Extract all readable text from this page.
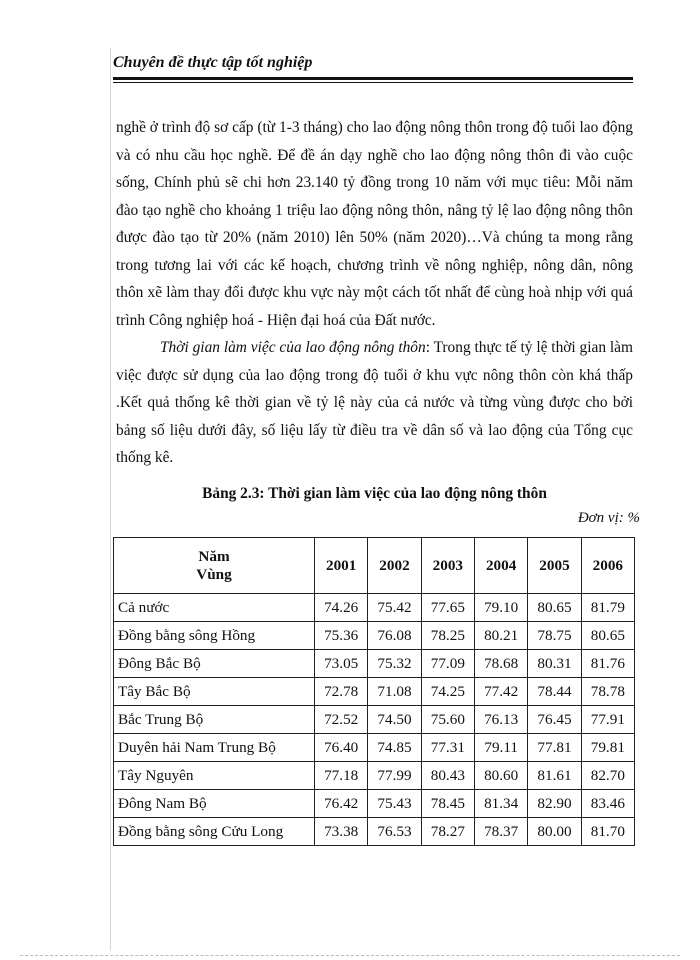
Chuyên đề thực tập tốt nghiệp

nghề ở trình độ sơ cấp (từ 1-3 tháng) cho lao động nông thôn trong độ tuổi lao động và có nhu cầu học nghề. Để đề án dạy nghề cho lao động nông thôn đi vào cuộc sống, Chính phủ sẽ chi hơn 23.140 tỷ đồng trong 10 năm với mục tiêu: Mỗi năm đào tạo nghề cho khoảng 1 triệu lao động nông thôn, nâng tỷ lệ lao động nông thôn được đào tạo từ 20% (năm 2010) lên 50% (năm 2020)…Và chúng ta mong rằng trong tương lai với các kế hoạch, chương trình về nông nghiệp, nông dân, nông thôn xẽ làm thay đổi được khu vực này một cách tốt nhất để cùng hoà nhịp với quá trình Công nghiệp hoá - Hiện đại hoá của Đất nước.

Thời gian làm việc của lao động nông thôn: Trong thực tế tỷ lệ thời gian làm việc được sử dụng của lao động trong độ tuổi ở khu vực nông thôn còn khá thấp .Kết quả thống kê thời gian về tỷ lệ này của cả nước và từng vùng được cho bởi bảng số liệu dưới đây, số liệu lấy từ điều tra về dân số và lao động của Tổng cục thống kê.

Bảng 2.3: Thời gian làm việc của lao động nông thôn
Đơn vị: %
Năm
Vùng	2001	2002	2003	2004	2005	2006
Cả nước	74.26	75.42	77.65	79.10	80.65	81.79
Đồng bằng sông Hồng	75.36	76.08	78.25	80.21	78.75	80.65
Đông Bắc Bộ	73.05	75.32	77.09	78.68	80.31	81.76
Tây Bắc Bộ	72.78	71.08	74.25	77.42	78.44	78.78
Bắc Trung Bộ	72.52	74.50	75.60	76.13	76.45	77.91
Duyên hải Nam Trung Bộ	76.40	74.85	77.31	79.11	77.81	79.81
Tây Nguyên	77.18	77.99	80.43	80.60	81.61	82.70
Đông Nam Bộ	76.42	75.43	78.45	81.34	82.90	83.46
Đồng bằng sông Cửu Long	73.38	76.53	78.27	78.37	80.00	81.70
